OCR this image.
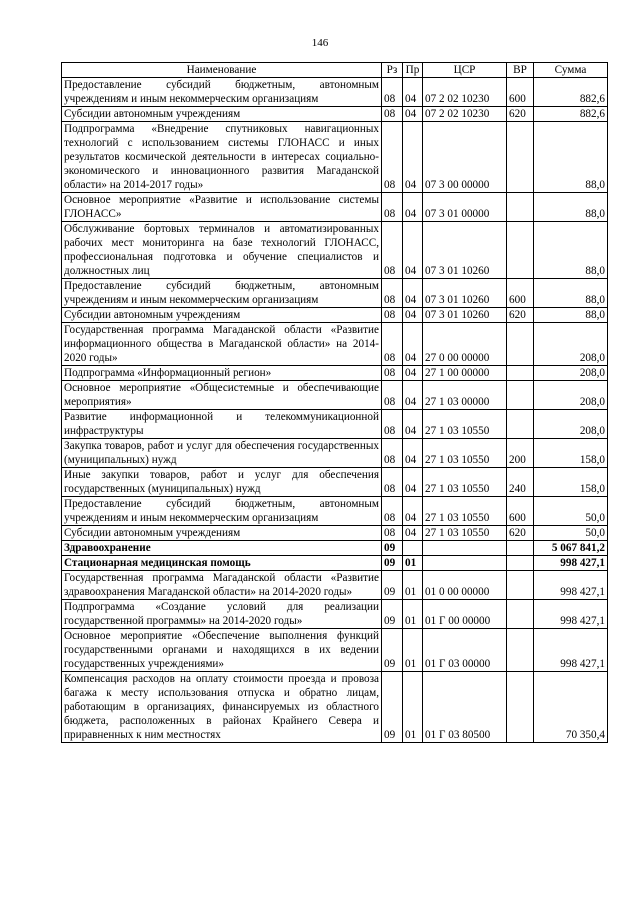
146
Наименование	Рз	Пр	ЦСР	ВР	Сумма
Предоставление субсидий бюджетным, автономным учреждениям и иным некоммерческим организациям	08	04	07 2 02 10230	600	882,6
Субсидии автономным учреждениям	08	04	07 2 02 10230	620	882,6
Подпрограмма «Внедрение спутниковых навигационных технологий с использованием системы ГЛОНАСС и иных результатов космической деятельности в интересах социально-экономического и инновационного развития Магаданской области» на 2014-2017 годы»	08	04	07 3 00 00000		88,0
Основное мероприятие «Развитие и использование системы ГЛОНАСС»	08	04	07 3 01 00000		88,0
Обслуживание бортовых терминалов и автоматизированных рабочих мест мониторинга на базе технологий ГЛОНАСС, профессиональная подготовка и обучение специалистов и должностных лиц	08	04	07 3 01 10260		88,0
Предоставление субсидий бюджетным, автономным учреждениям и иным некоммерческим организациям	08	04	07 3 01 10260	600	88,0
Субсидии автономным учреждениям	08	04	07 3 01 10260	620	88,0
Государственная программа Магаданской области «Развитие информационного общества в Магаданской области» на 2014-2020 годы»	08	04	27 0 00 00000		208,0
Подпрограмма «Информационный регион»	08	04	27 1 00 00000		208,0
Основное мероприятие «Общесистемные и обеспечивающие мероприятия»	08	04	27 1 03 00000		208,0
Развитие информационной и телекоммуникационной инфраструктуры	08	04	27 1 03 10550		208,0
Закупка товаров, работ и услуг для обеспечения государственных (муниципальных) нужд	08	04	27 1 03 10550	200	158,0
Иные закупки товаров, работ и услуг для обеспечения государственных (муниципальных) нужд	08	04	27 1 03 10550	240	158,0
Предоставление субсидий бюджетным, автономным учреждениям и иным некоммерческим организациям	08	04	27 1 03 10550	600	50,0
Субсидии автономным учреждениям	08	04	27 1 03 10550	620	50,0
Здравоохранение	09				5 067 841,2
Стационарная медицинская помощь	09	01			998 427,1
Государственная программа Магаданской области «Развитие здравоохранения Магаданской области» на 2014-2020 годы»	09	01	01 0 00 00000		998 427,1
Подпрограмма «Создание условий для реализации государственной программы» на 2014-2020 годы»	09	01	01 Г 00 00000		998 427,1
Основное мероприятие «Обеспечение выполнения функций государственными органами и находящихся в их ведении государственных учреждениями»	09	01	01 Г 03 00000		998 427,1
Компенсация расходов на оплату стоимости проезда и провоза багажа к месту использования отпуска и обратно лицам, работающим в организациях, финансируемых из областного бюджета, расположенных в районах Крайнего Севера и приравненных к ним местностях	09	01	01 Г 03 80500		70 350,4
